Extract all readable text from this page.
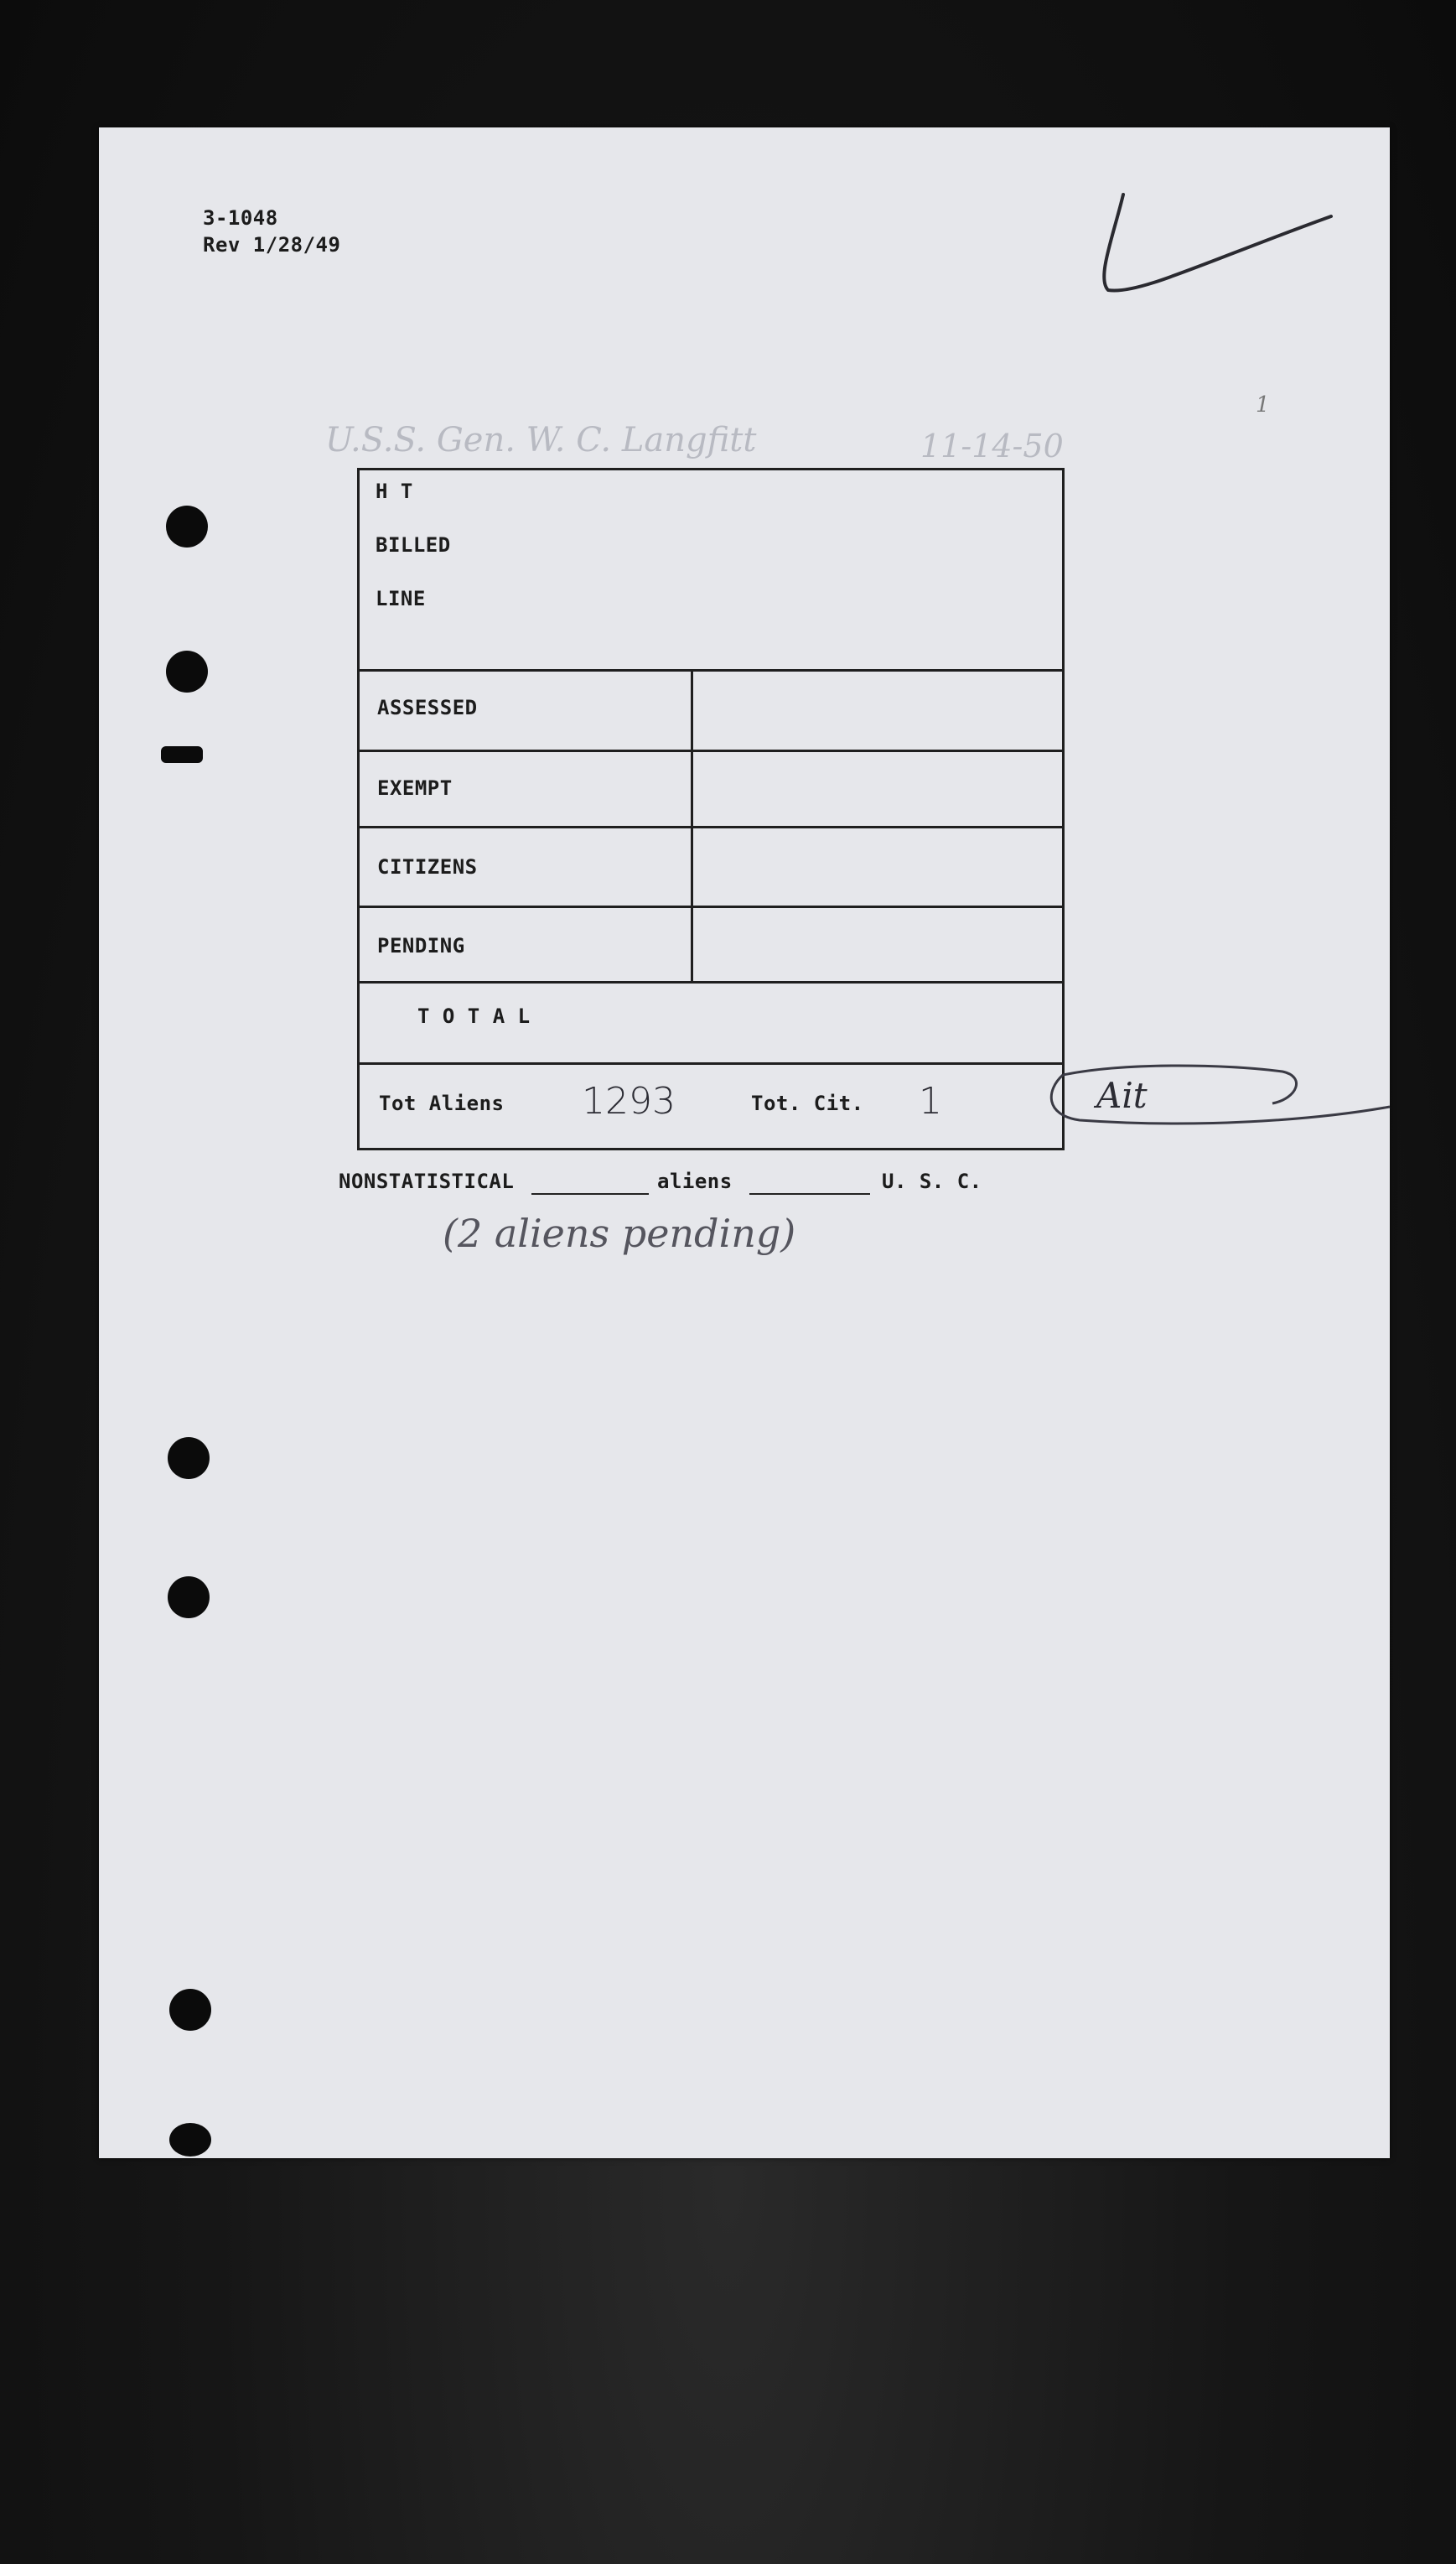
3-1048
Rev 1/28/49
1
U.S.S. Gen. W. C. Langfitt	11-14-50
H T
BILLED
LINE
ASSESSED
EXEMPT
CITIZENS
PENDING
T O T A L
Tot Aliens 1293	Tot. Cit. 1	Ait
NONSTATISTICAL	aliens	U. S. C.
(2 aliens pending)
